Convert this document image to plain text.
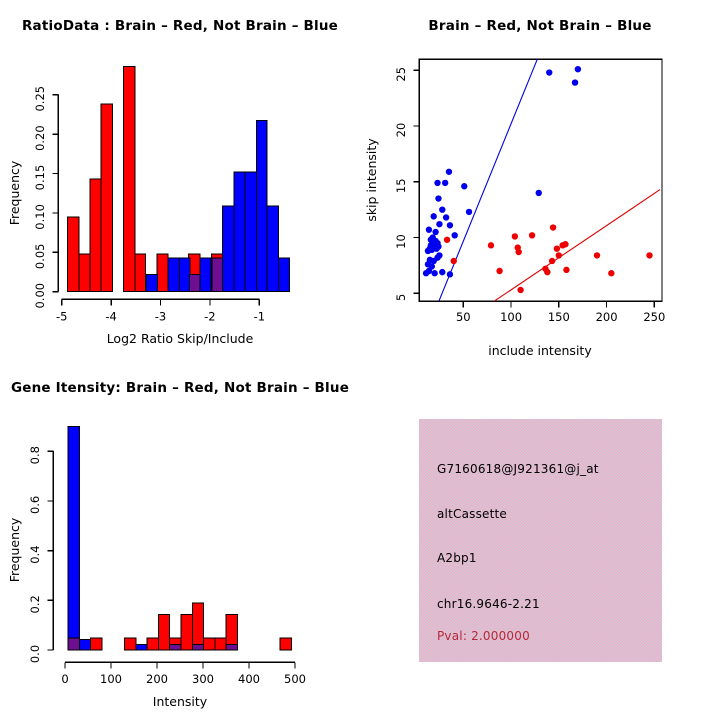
RatioData : Brain – Red, Not Brain – Blue
Frequency
0.00
0.05
0.10
0.15
0.20
0.25
-5	-4	-3	-2	-1
Log2 Ratio Skip/Include
Brain – Red, Not Brain – Blue
skip intensity
50	100 150 200 250
5
10
15
20
25
include intensity
Gene Itensity: Brain – Red, Not Brain – Blue
Frequency
0.0
0.2
0.4
0.6
0.8
0	100 200 300 400 500
Intensity
G7160618@J921361@j_at
altCassette
A2bp1
chr16.9646-2.21
Pval: 2.000000
